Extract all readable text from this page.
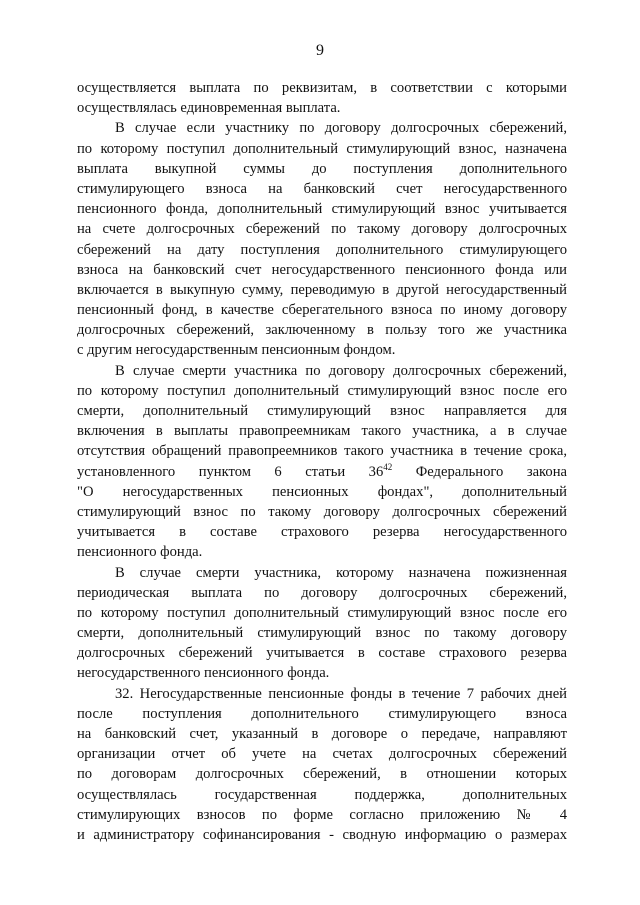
9
осуществляется выплата по реквизитам, в соответствии с которыми
осуществлялась единовременная выплата.
В случае если участнику по договору долгосрочных сбережений,
по которому поступил дополнительный стимулирующий взнос, назначена
выплата выкупной суммы до поступления дополнительного
стимулирующего взноса на банковский счет негосударственного
пенсионного фонда, дополнительный стимулирующий взнос учитывается
на счете долгосрочных сбережений по такому договору долгосрочных
сбережений на дату поступления дополнительного стимулирующего
взноса на банковский счет негосударственного пенсионного фонда или
включается в выкупную сумму, переводимую в другой негосударственный
пенсионный фонд, в качестве сберегательного взноса по иному договору
долгосрочных сбережений, заключенному в пользу того же участника
с другим негосударственным пенсионным фондом.
В случае смерти участника по договору долгосрочных сбережений,
по которому поступил дополнительный стимулирующий взнос после его
смерти, дополнительный стимулирующий взнос направляется для
включения в выплаты правопреемникам такого участника, а в случае
отсутствия обращений правопреемников такого участника в течение срока,
установленного пунктом 6 статьи $36^{42}$ Федерального закона
"О негосударственных пенсионных фондах", дополнительный
стимулирующий взнос по такому договору долгосрочных сбережений
учитывается в составе страхового резерва негосударственного
пенсионного фонда.
В случае смерти участника, которому назначена пожизненная
периодическая выплата по договору долгосрочных сбережений,
по которому поступил дополнительный стимулирующий взнос после его
смерти, дополнительный стимулирующий взнос по такому договору
долгосрочных сбережений учитывается в составе страхового резерва
негосударственного пенсионного фонда.
32. Негосударственные пенсионные фонды в течение 7 рабочих дней
после поступления дополнительного стимулирующего взноса
на банковский счет, указанный в договоре о передаче, направляют
организации отчет об учете на счетах долгосрочных сбережений
по договорам долгосрочных сбережений, в отношении которых
осуществлялась государственная поддержка, дополнительных
стимулирующих взносов по форме согласно приложению № 4
и администратору софинансирования - сводную информацию о размерах
